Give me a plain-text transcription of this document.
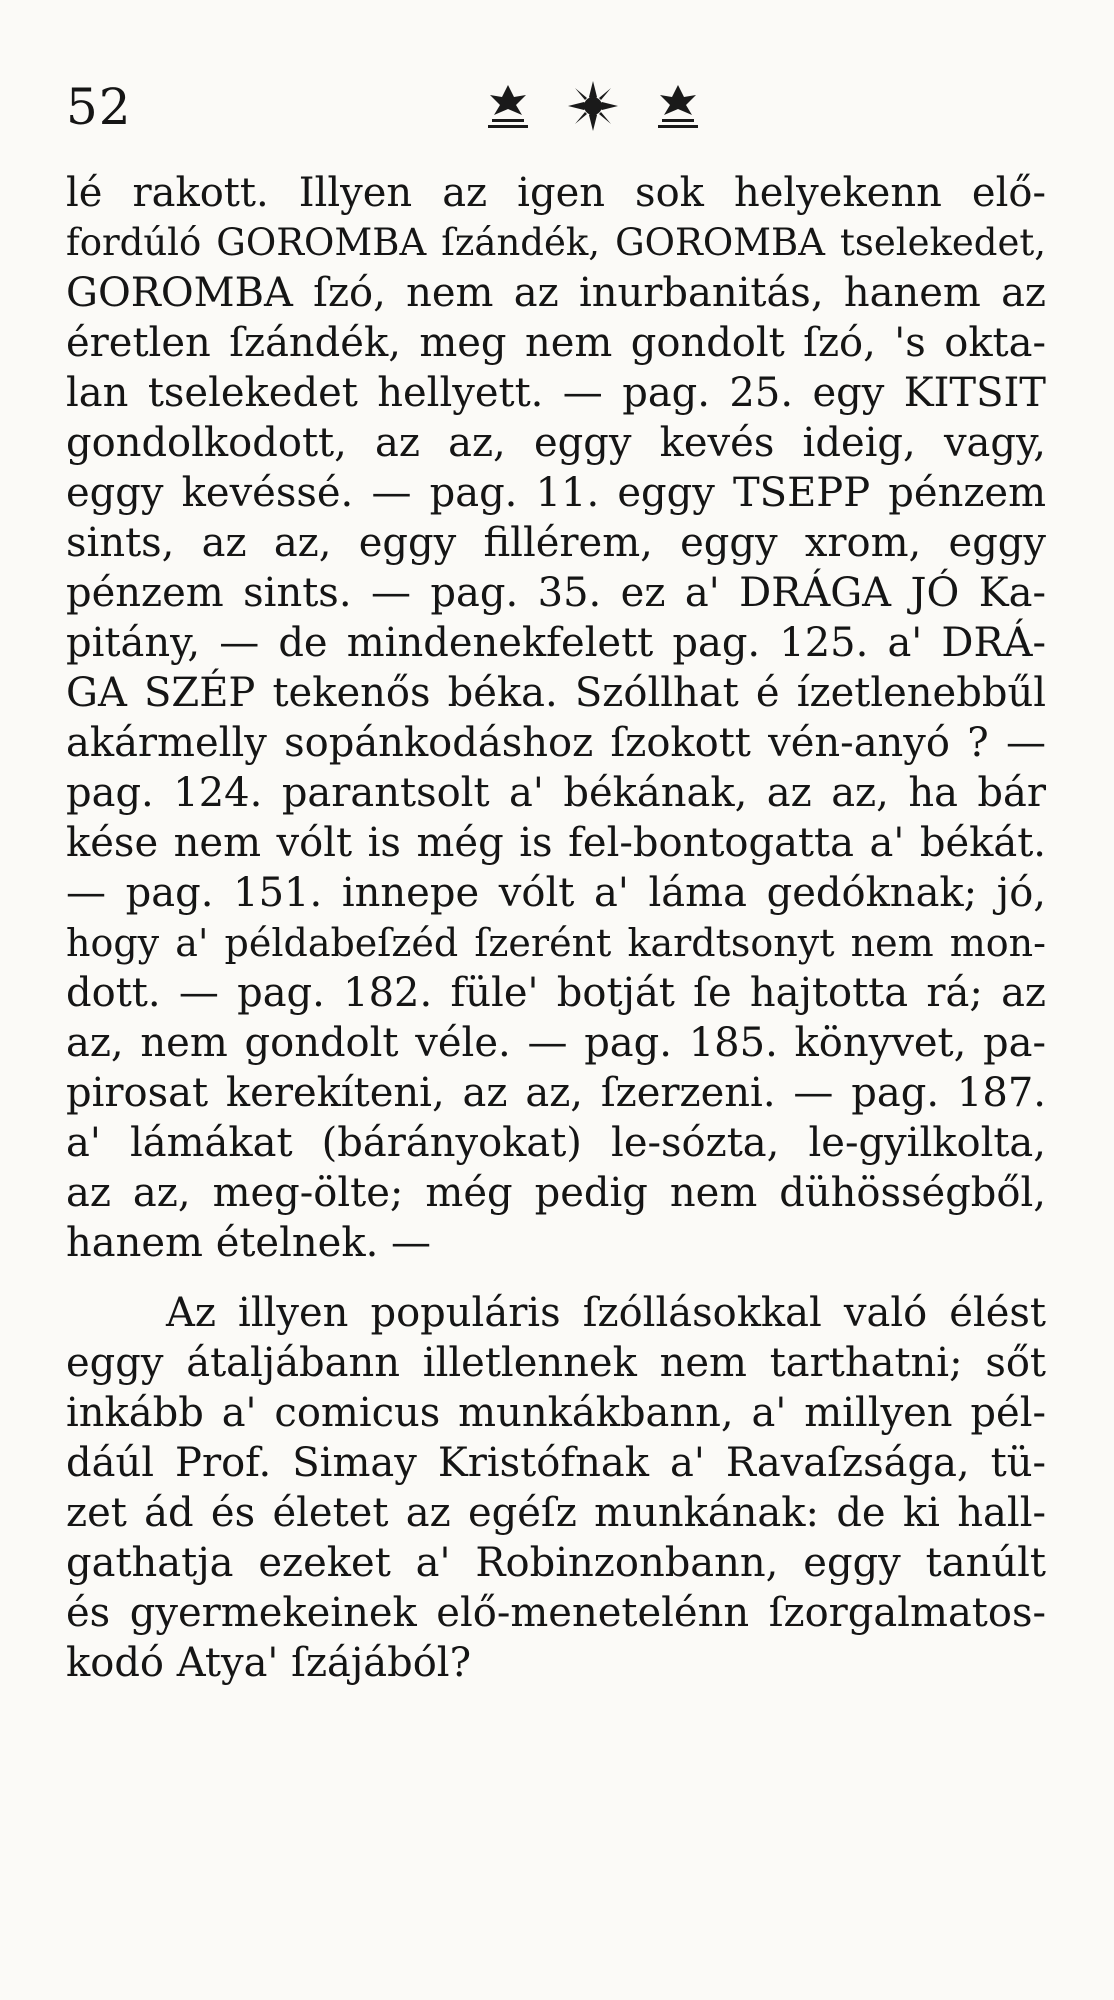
52
lé rakott. Illyen az igen sok helyekenn elő-
fordúló GOROMBA ſzándék, GOROMBA tselekedet,
GOROMBA ſzó, nem az inurbanitás, hanem az
éretlen ſzándék, meg nem gondolt ſzó, 's okta-
lan tselekedet hellyett. — pag. 25. egy KITSIT
gondolkodott, az az, eggy kevés ideig, vagy,
eggy kevéssé. — pag. 11. eggy TSEPP pénzem
sints, az az, eggy fillérem, eggy xrom, eggy
pénzem sints. — pag. 35. ez a' DRÁGA JÓ Ka-
pitány, — de mindenekfelett pag. 125. a' DRÁ-
GA SZÉP tekenős béka. Szóllhat é ízetlenebbűl
akármelly sopánkodáshoz ſzokott vén-anyó ? —
pag. 124. parantsolt a' békának, az az, ha bár
kése nem vólt is még is fel-bontogatta a' békát.
— pag. 151. innepe vólt a' láma gedóknak; jó,
hogy a' példabeſzéd ſzerént kardtsonyt nem mon-
dott. — pag. 182. füle' botját ſe hajtotta rá; az
az, nem gondolt véle. — pag. 185. könyvet, pa-
pirosat kerekíteni, az az, ſzerzeni. — pag. 187.
a' lámákat (bárányokat) le-sózta, le-gyilkolta,
az az, meg-ölte; még pedig nem dühösségből,
hanem ételnek. —
Az illyen populáris ſzóllásokkal való élést
eggy átaljábann illetlennek nem tarthatni; sőt
inkább a' comicus munkákbann, a' millyen pél-
dáúl Prof. Simay Kristófnak a' Ravaſzsága, tü-
zet ád és életet az egéſz munkának: de ki hall-
gathatja ezeket a' Robinzonbann, eggy tanúlt
és gyermekeinek elő-menetelénn ſzorgalmatos-
kodó Atya' ſzájából?
